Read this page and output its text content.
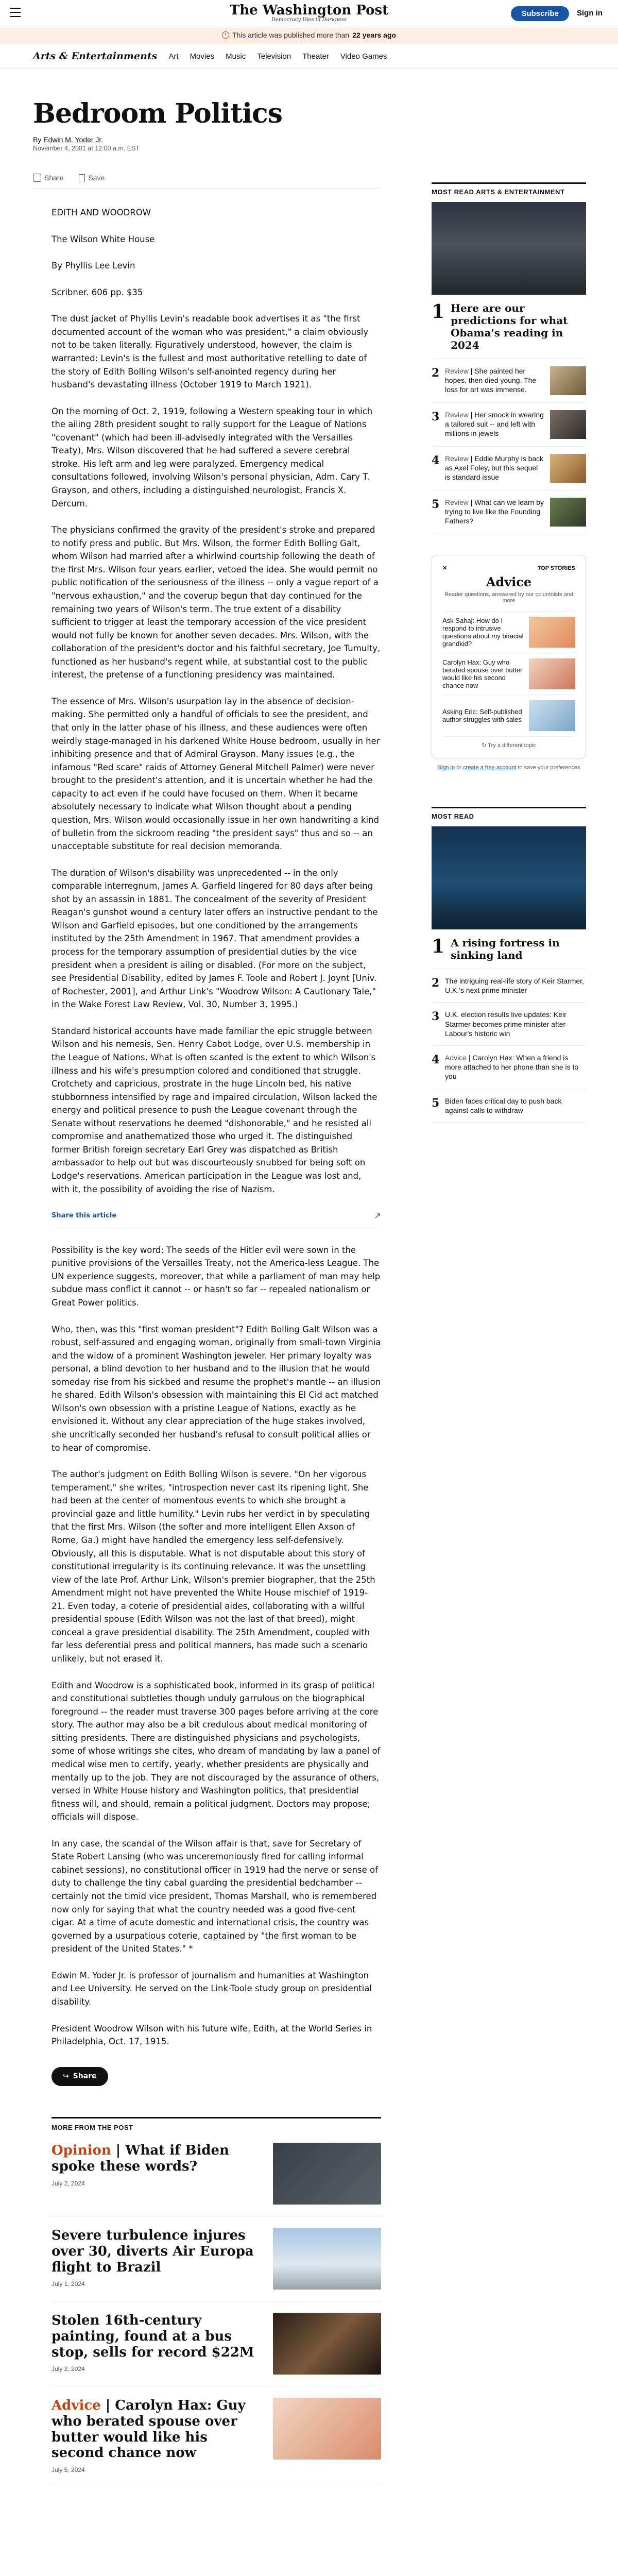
The Washington Post
Democracy Dies in Darkness
Subscribe	Sign in
This article was published more than 22 years ago
Arts & Entertainments Art Movies Music Television Theater Video Games
Bedroom Politics
By Edwin M. Yoder Jr.
November 4, 2001 at 12:00 a.m. EST
Share	Save

EDITH AND WOODROW

The Wilson White House

By Phyllis Lee Levin

Scribner. 606 pp. $35

The dust jacket of Phyllis Levin's readable book advertises it as "the first documented account of the woman who was president," a claim obviously not to be taken literally. Figuratively understood, however, the claim is warranted: Levin's is the fullest and most authoritative retelling to date of the story of Edith Bolling Wilson's self-anointed regency during her husband's devastating illness (October 1919 to March 1921).

On the morning of Oct. 2, 1919, following a Western speaking tour in which the ailing 28th president sought to rally support for the League of Nations "covenant" (which had been ill-advisedly integrated with the Versailles Treaty), Mrs. Wilson discovered that he had suffered a severe cerebral stroke. His left arm and leg were paralyzed. Emergency medical consultations followed, involving Wilson's personal physician, Adm. Cary T. Grayson, and others, including a distinguished neurologist, Francis X. Dercum.

The physicians confirmed the gravity of the president's stroke and prepared to notify press and public. But Mrs. Wilson, the former Edith Bolling Galt, whom Wilson had married after a whirlwind courtship following the death of the first Mrs. Wilson four years earlier, vetoed the idea. She would permit no public notification of the seriousness of the illness -- only a vague report of a "nervous exhaustion," and the coverup begun that day continued for the remaining two years of Wilson's term. The true extent of a disability sufficient to trigger at least the temporary accession of the vice president would not fully be known for another seven decades. Mrs. Wilson, with the collaboration of the president's doctor and his faithful secretary, Joe Tumulty, functioned as her husband's regent while, at substantial cost to the public interest, the pretense of a functioning presidency was maintained.

The essence of Mrs. Wilson's usurpation lay in the absence of decision-making. She permitted only a handful of officials to see the president, and that only in the latter phase of his illness, and these audiences were often weirdly stage-managed in his darkened White House bedroom, usually in her inhibiting presence and that of Admiral Grayson. Many issues (e.g., the infamous "Red scare" raids of Attorney General Mitchell Palmer) were never brought to the president's attention, and it is uncertain whether he had the capacity to act even if he could have focused on them. When it became absolutely necessary to indicate what Wilson thought about a pending question, Mrs. Wilson would occasionally issue in her own handwriting a kind of bulletin from the sickroom reading "the president says" thus and so -- an unacceptable substitute for real decision memoranda.

The duration of Wilson's disability was unprecedented -- in the only comparable interregnum, James A. Garfield lingered for 80 days after being shot by an assassin in 1881. The concealment of the severity of President Reagan's gunshot wound a century later offers an instructive pendant to the Wilson and Garfield episodes, but one conditioned by the arrangements instituted by the 25th Amendment in 1967. That amendment provides a process for the temporary assumption of presidential duties by the vice president when a president is ailing or disabled. (For more on the subject, see Presidential Disability, edited by James F. Toole and Robert J. Joynt [Univ. of Rochester, 2001], and Arthur Link's "Woodrow Wilson: A Cautionary Tale," in the Wake Forest Law Review, Vol. 30, Number 3, 1995.)

Standard historical accounts have made familiar the epic struggle between Wilson and his nemesis, Sen. Henry Cabot Lodge, over U.S. membership in the League of Nations. What is often scanted is the extent to which Wilson's illness and his wife's presumption colored and conditioned that struggle. Crotchety and capricious, prostrate in the huge Lincoln bed, his native stubbornness intensified by rage and impaired circulation, Wilson lacked the energy and political presence to push the League covenant through the Senate without reservations he deemed "dishonorable," and he resisted all compromise and anathematized those who urged it. The distinguished former British foreign secretary Earl Grey was dispatched as British ambassador to help out but was discourteously snubbed for being soft on Lodge's reservations. American participation in the League was lost and, with it, the possibility of avoiding the rise of Nazism.

Share this article	↗

Possibility is the key word: The seeds of the Hitler evil were sown in the punitive provisions of the Versailles Treaty, not the America-less League. The UN experience suggests, moreover, that while a parliament of man may help subdue mass conflict it cannot -- or hasn't so far -- repealed nationalism or Great Power politics.

Who, then, was this "first woman president"? Edith Bolling Galt Wilson was a robust, self-assured and engaging woman, originally from small-town Virginia and the widow of a prominent Washington jeweler. Her primary loyalty was personal, a blind devotion to her husband and to the illusion that he would someday rise from his sickbed and resume the prophet's mantle -- an illusion he shared. Edith Wilson's obsession with maintaining this El Cid act matched Wilson's own obsession with a pristine League of Nations, exactly as he envisioned it. Without any clear appreciation of the huge stakes involved, she uncritically seconded her husband's refusal to consult political allies or to hear of compromise.

The author's judgment on Edith Bolling Wilson is severe. "On her vigorous temperament," she writes, "introspection never cast its ripening light. She had been at the center of momentous events to which she brought a provincial gaze and little humility." Levin rubs her verdict in by speculating that the first Mrs. Wilson (the softer and more intelligent Ellen Axson of Rome, Ga.) might have handled the emergency less self-defensively. Obviously, all this is disputable. What is not disputable about this story of constitutional irregularity is its continuing relevance. It was the unsettling view of the late Prof. Arthur Link, Wilson's premier biographer, that the 25th Amendment might not have prevented the White House mischief of 1919-21. Even today, a coterie of presidential aides, collaborating with a willful presidential spouse (Edith Wilson was not the last of that breed), might conceal a grave presidential disability. The 25th Amendment, coupled with far less deferential press and political manners, has made such a scenario unlikely, but not erased it.

Edith and Woodrow is a sophisticated book, informed in its grasp of political and constitutional subtleties though unduly garrulous on the biographical foreground -- the reader must traverse 300 pages before arriving at the core story. The author may also be a bit credulous about medical monitoring of sitting presidents. There are distinguished physicians and psychologists, some of whose writings she cites, who dream of mandating by law a panel of medical wise men to certify, yearly, whether presidents are physically and mentally up to the job. They are not discouraged by the assurance of others, versed in White House history and Washington politics, that presidential fitness will, and should, remain a political judgment. Doctors may propose; officials will dispose.

In any case, the scandal of the Wilson affair is that, save for Secretary of State Robert Lansing (who was unceremoniously fired for calling informal cabinet sessions), no constitutional officer in 1919 had the nerve or sense of duty to challenge the tiny cabal guarding the presidential bedchamber -- certainly not the timid vice president, Thomas Marshall, who is remembered now only for saying that what the country needed was a good five-cent cigar. At a time of acute domestic and international crisis, the country was governed by a usurpatious coterie, captained by "the first woman to be president of the United States." *

Edwin M. Yoder Jr. is professor of journalism and humanities at Washington and Lee University. He served on the Link-Toole study group on presidential disability.

President Woodrow Wilson with his future wife, Edith, at the World Series in Philadelphia, Oct. 17, 1915.

↪ Share
MORE FROM THE POST
Opinion | What if Biden spoke these words?
July 2, 2024
Severe turbulence injures over 30, diverts Air Europa flight to Brazil
July 1, 2024
Stolen 16th-century painting, found at a bus stop, sells for record $22M
July 2, 2024
Advice | Carolyn Hax: Guy who berated spouse over butter would like his second chance now
July 5, 2024
MOST READ ARTS & ENTERTAINMENT
1 Here are our predictions for what Obama's reading in 2024
2 Review | She painted her hopes, then died young. The loss for art was immense.
3 Review | Her smock in wearing a tailored suit -- and left with millions in jewels
4 Review | Eddie Murphy is back as Axel Foley, but this sequel is standard issue
5 Review | What can we learn by trying to live like the Founding Fathers?
✕	TOP STORIES
Advice
Reader questions, answered by our columnists and more
Ask Sahaj: How do I respond to intrusive questions about my biracial grandkid?
Carolyn Hax: Guy who berated spouse over butter would like his second chance now
Asking Eric: Self-published author struggles with sales
↻ Try a different topic
Sign in or create a free account to save your preferences
MOST READ
1 A rising fortress in sinking land
2 The intriguing real-life story of Keir Starmer, U.K.'s next prime minister
3 U.K. election results live updates: Keir Starmer becomes prime minister after Labour's historic win
4 Advice | Carolyn Hax: When a friend is more attached to her phone than she is to you
5 Biden faces critical day to push back against calls to withdraw
